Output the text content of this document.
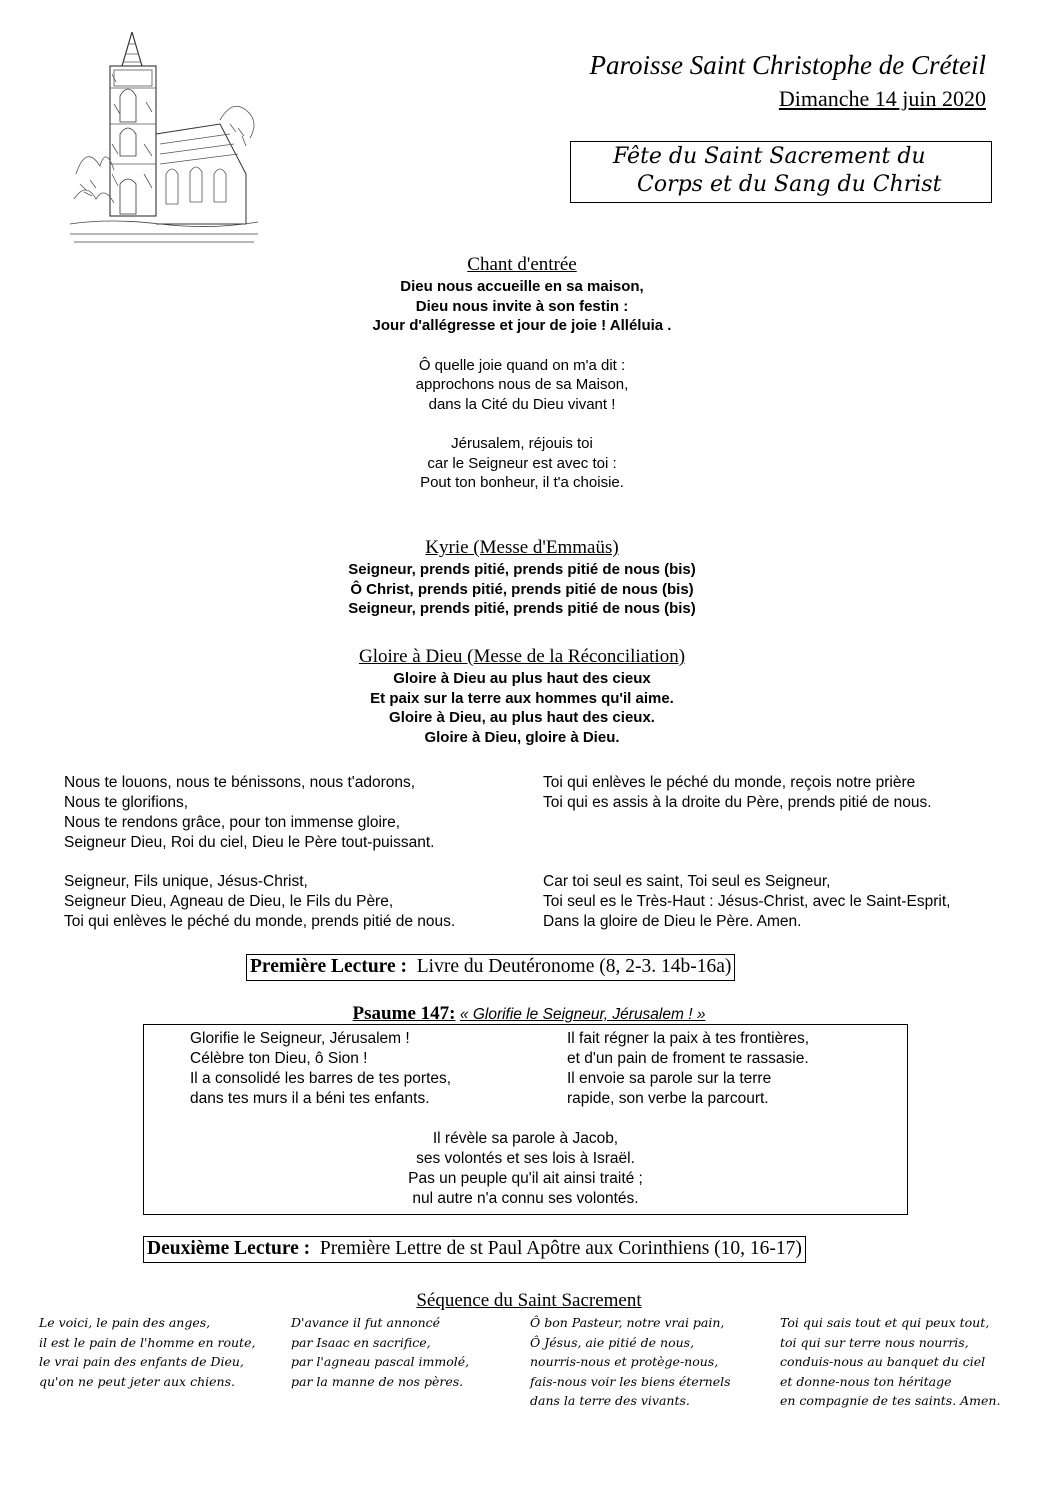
Paroisse Saint Christophe de Créteil
Dimanche 14 juin 2020
Fête du Saint Sacrement du
Corps et du Sang du Christ
Chant d'entrée
Dieu nous accueille en sa maison,
Dieu nous invite à son festin :
Jour d'allégresse et jour de joie ! Alléluia .
Ô quelle joie quand on m'a dit :
approchons nous de sa Maison,
dans la Cité du Dieu vivant !
Jérusalem, réjouis toi
car le Seigneur est avec toi :
Pout ton bonheur, il t'a choisie.
Kyrie (Messe d'Emmaüs)
Seigneur, prends pitié, prends pitié de nous (bis)
Ô Christ, prends pitié, prends pitié de nous (bis)
Seigneur, prends pitié, prends pitié de nous (bis)
Gloire à Dieu (Messe de la Réconciliation)
Gloire à Dieu au plus haut des cieux
Et paix sur la terre aux hommes qu'il aime.
Gloire à Dieu, au plus haut des cieux.
Gloire à Dieu, gloire à Dieu.
Nous te louons, nous te bénissons, nous t'adorons,
Nous te glorifions,
Nous te rendons grâce, pour ton immense gloire,
Seigneur Dieu, Roi du ciel, Dieu le Père tout-puissant.
Toi qui enlèves le péché du monde, reçois notre prière
Toi qui es assis à la droite du Père, prends pitié de nous.
Seigneur, Fils unique, Jésus-Christ,
Seigneur Dieu, Agneau de Dieu, le Fils du Père,
Toi qui enlèves le péché du monde, prends pitié de nous.
Car toi seul es saint, Toi seul es Seigneur,
Toi seul es le Très-Haut : Jésus-Christ, avec le Saint-Esprit,
Dans la gloire de Dieu le Père. Amen.
Première Lecture : Livre du Deutéronome (8, 2-3. 14b-16a)
Psaume 147: « Glorifie le Seigneur, Jérusalem ! »
Glorifie le Seigneur, Jérusalem !
Célèbre ton Dieu, ô Sion !
Il a consolidé les barres de tes portes,
dans tes murs il a béni tes enfants.
Il fait régner la paix à tes frontières,
et d'un pain de froment te rassasie.
Il envoie sa parole sur la terre
rapide, son verbe la parcourt.
Il révèle sa parole à Jacob,
ses volontés et ses lois à Israël.
Pas un peuple qu'il ait ainsi traité ;
nul autre n'a connu ses volontés.
Deuxième Lecture : Première Lettre de st Paul Apôtre aux Corinthiens (10, 16-17)
Séquence du Saint Sacrement
Le voici, le pain des anges,
il est le pain de l'homme en route,
le vrai pain des enfants de Dieu,
qu'on ne peut jeter aux chiens.
D'avance il fut annoncé
par Isaac en sacrifice,
par l'agneau pascal immolé,
par la manne de nos pères.
Ô bon Pasteur, notre vrai pain,
Ô Jésus, aie pitié de nous,
nourris-nous et protège-nous,
fais-nous voir les biens éternels
dans la terre des vivants.
Toi qui sais tout et qui peux tout,
toi qui sur terre nous nourris,
conduis-nous au banquet du ciel
et donne-nous ton héritage
en compagnie de tes saints. Amen.
